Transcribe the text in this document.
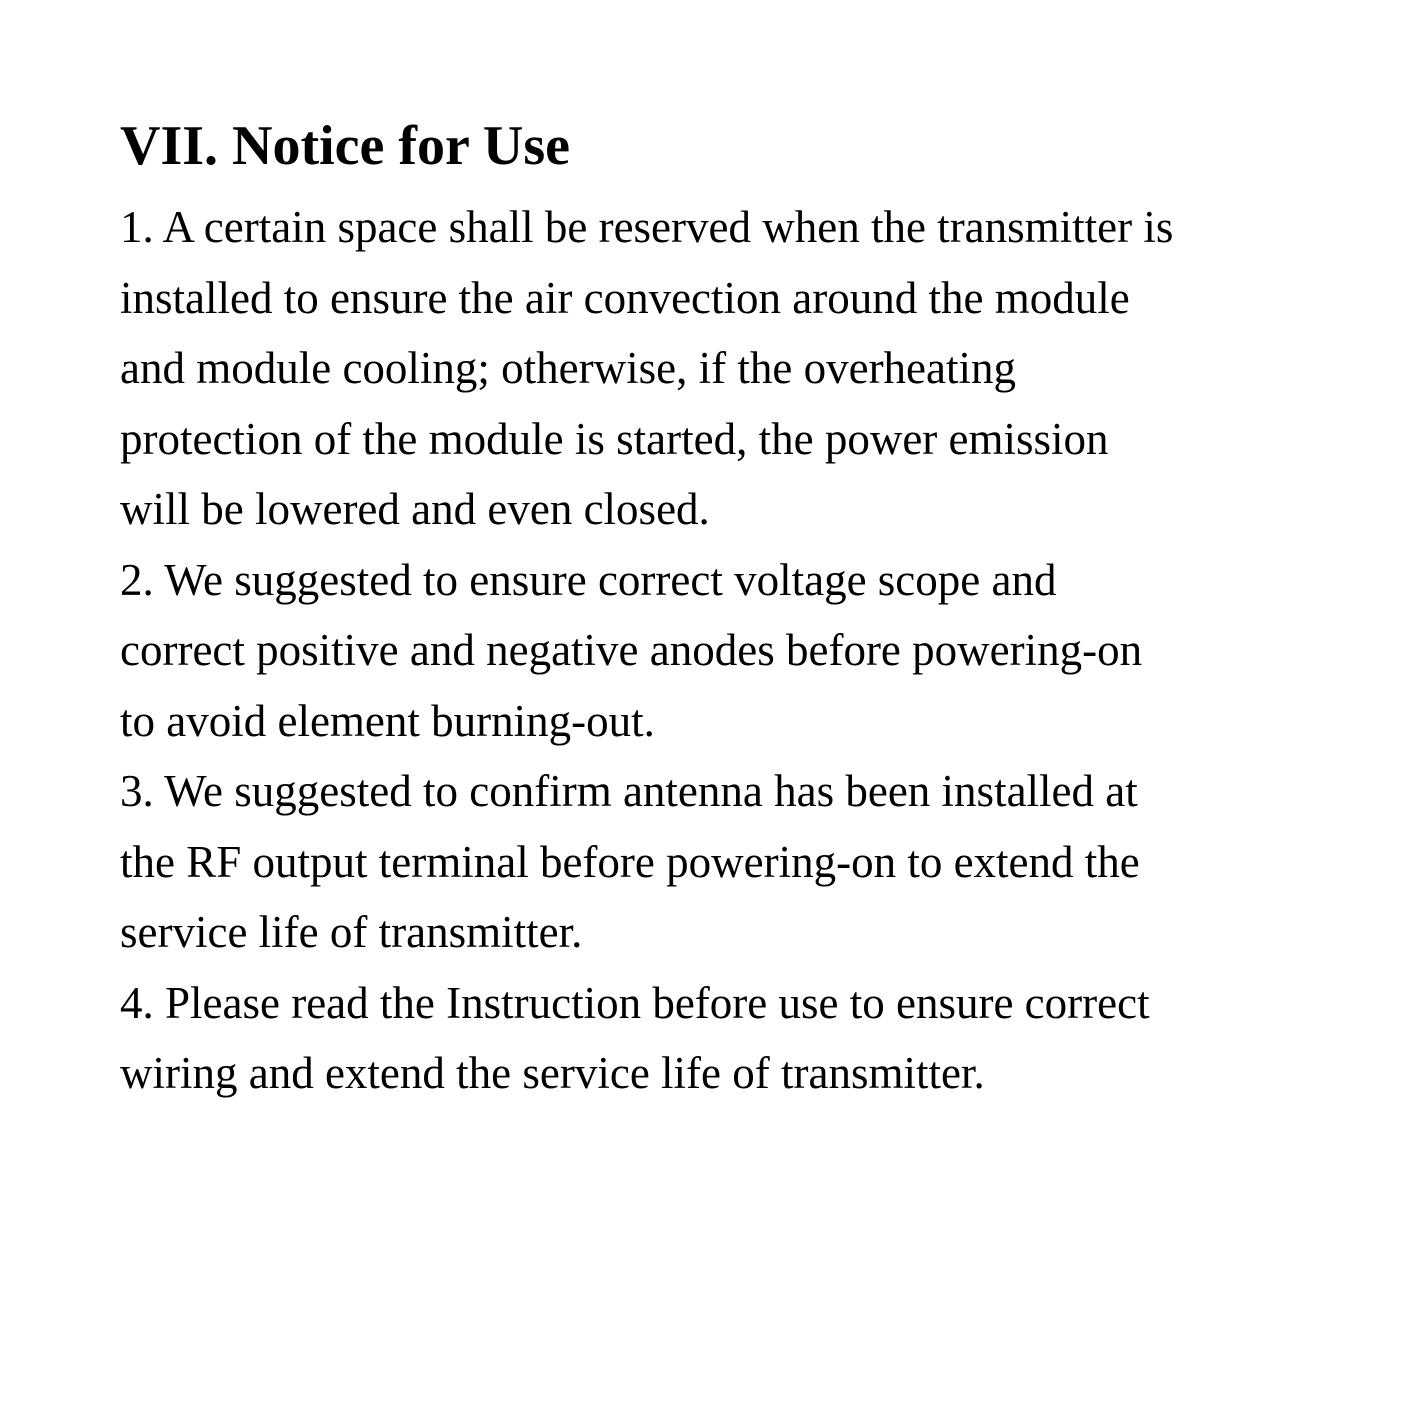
VII. Notice for Use
1. A certain space shall be reserved when the transmitter is
installed to ensure the air convection around the module
and module cooling; otherwise, if the overheating
protection of the module is started, the power emission
will be lowered and even closed.
2. We suggested to ensure correct voltage scope and
correct positive and negative anodes before powering-on
to avoid element burning-out.
3. We suggested to confirm antenna has been installed at
the RF output terminal before powering-on to extend the
service life of transmitter.
4. Please read the Instruction before use to ensure correct
wiring and extend the service life of transmitter.
